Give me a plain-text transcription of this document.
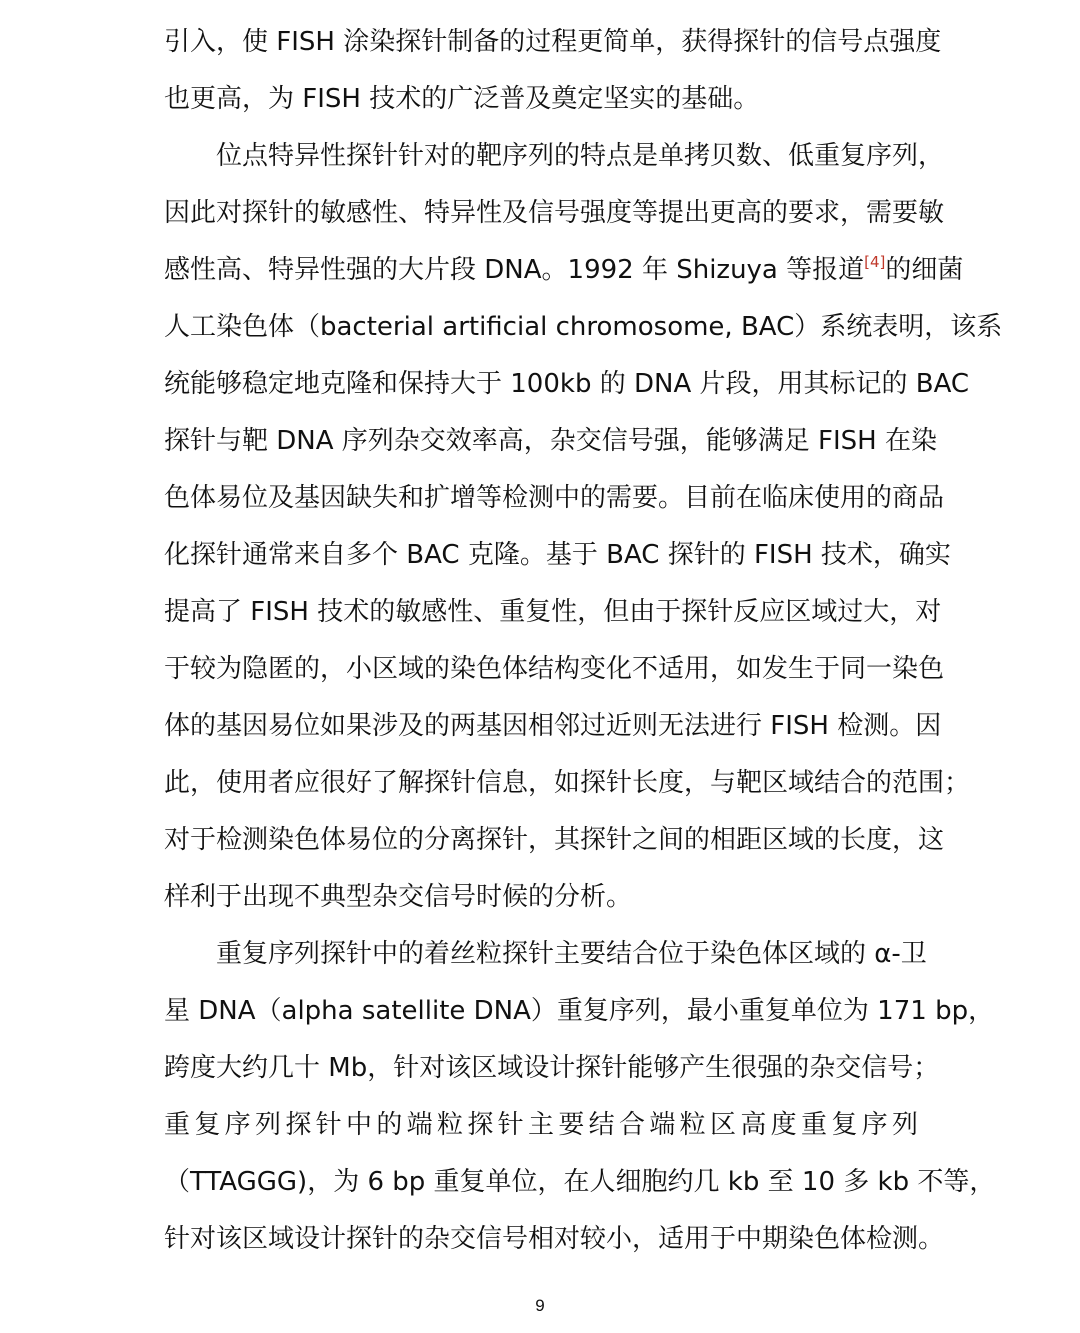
引入，使 FISH 涂染探针制备的过程更简单，获得探针的信号点强度
也更高，为 FISH 技术的广泛普及奠定坚实的基础。
位点特异性探针针对的靶序列的特点是单拷贝数、低重复序列，
因此对探针的敏感性、特异性及信号强度等提出更高的要求，需要敏
感性高、特异性强的大片段 DNA。1992 年 Shizuya 等报道[4]的细菌
人工染色体（bacterial artificial chromosome, BAC）系统表明，该系
统能够稳定地克隆和保持大于 100kb 的 DNA 片段，用其标记的 BAC
探针与靶 DNA 序列杂交效率高，杂交信号强，能够满足 FISH 在染
色体易位及基因缺失和扩增等检测中的需要。目前在临床使用的商品
化探针通常来自多个 BAC 克隆。基于 BAC 探针的 FISH 技术，确实
提高了 FISH 技术的敏感性、重复性，但由于探针反应区域过大，对
于较为隐匿的，小区域的染色体结构变化不适用，如发生于同一染色
体的基因易位如果涉及的两基因相邻过近则无法进行 FISH 检测。因
此，使用者应很好了解探针信息，如探针长度，与靶区域结合的范围；
对于检测染色体易位的分离探针，其探针之间的相距区域的长度，这
样利于出现不典型杂交信号时候的分析。
重复序列探针中的着丝粒探针主要结合位于染色体区域的 α-卫
星 DNA（alpha satellite DNA）重复序列，最小重复单位为 171 bp，
跨度大约几十 Mb，针对该区域设计探针能够产生很强的杂交信号；
重复序列探针中的端粒探针主要结合端粒区高度重复序列
（TTAGGG)，为 6 bp 重复单位，在人细胞约几 kb 至 10 多 kb 不等，
针对该区域设计探针的杂交信号相对较小，适用于中期染色体检测。
9
